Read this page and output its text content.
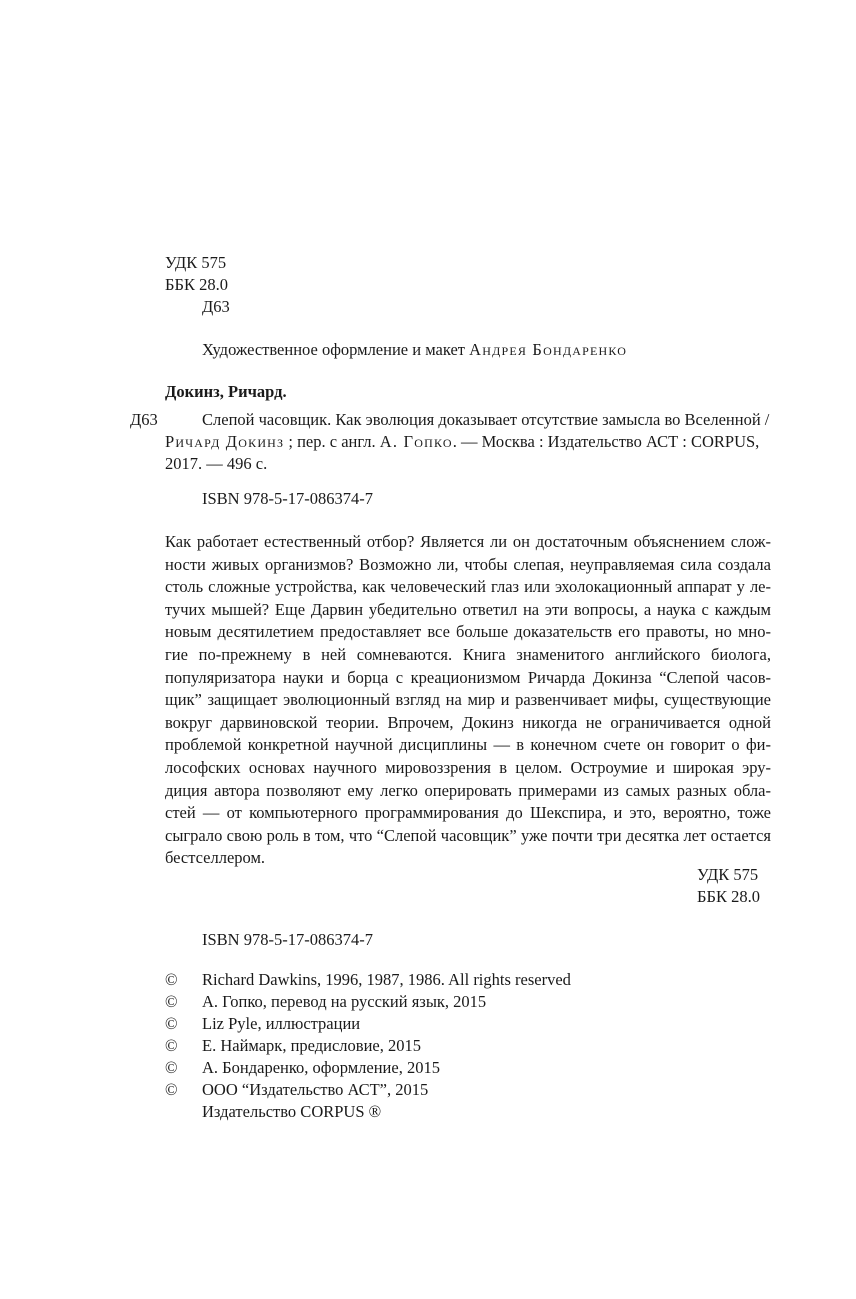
УДК 575
ББК 28.0
Д63
Художественное оформление и макет Андрея Бондаренко
Докинз, Ричард.
Д63	Слепой часовщик. Как эволюция доказывает отсутствие замысла во Вселенной /
Ричард Докинз ; пер. с англ. А. Гопко. — Москва : Издательство АСТ : CORPUS,
2017. — 496 с.
ISBN 978-5-17-086374-7
Как работает естественный отбор? Является ли он достаточным объяснением слож-
ности живых организмов? Возможно ли, чтобы слепая, неуправляемая сила создала
столь сложные устройства, как человеческий глаз или эхолокационный аппарат у ле-
тучих мышей? Еще Дарвин убедительно ответил на эти вопросы, а наука с каждым
новым десятилетием предоставляет все больше доказательств его правоты, но мно-
гие по-прежнему в ней сомневаются. Книга знаменитого английского биолога,
популяризатора науки и борца с креационизмом Ричарда Докинза “Слепой часов-
щик” защищает эволюционный взгляд на мир и развенчивает мифы, существующие
вокруг дарвиновской теории. Впрочем, Докинз никогда не ограничивается одной
проблемой конкретной научной дисциплины — в конечном счете он говорит о фи-
лософских основах научного мировоззрения в целом. Остроумие и широкая эру-
диция автора позволяют ему легко оперировать примерами из самых разных обла-
стей — от компьютерного программирования до Шекспира, и это, вероятно, тоже
сыграло свою роль в том, что “Слепой часовщик” уже почти три десятка лет остается
бестселлером.
УДК 575
ББК 28.0
ISBN 978-5-17-086374-7
© Richard Dawkins, 1996, 1987, 1986. All rights reserved
© А. Гопко, перевод на русский язык, 2015
© Liz Pyle, иллюстрации
© Е. Наймарк, предисловие, 2015
© А. Бондаренко, оформление, 2015
© ООО “Издательство АСТ”, 2015
Издательство CORPUS ®
